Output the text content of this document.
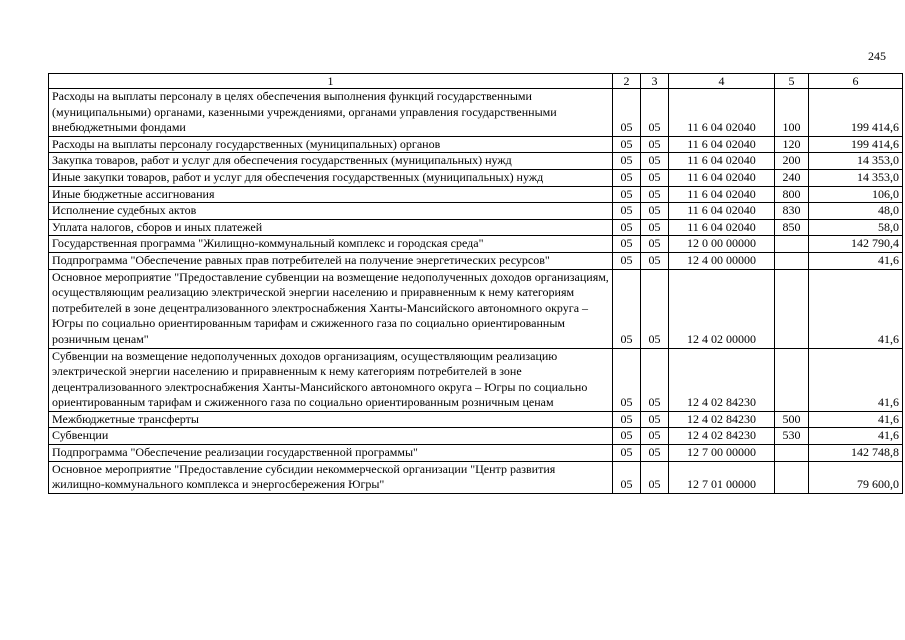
245
1	2	3	4	5	6
Расходы на выплаты персоналу в целях обеспечения выполнения функций государственными (муниципальными) органами, казенными учреждениями, органами управления государственными внебюджетными фондами	05	05	11 6 04 02040	100	199 414,6
Расходы на выплаты персоналу государственных (муниципальных) органов	05	05	11 6 04 02040	120	199 414,6
Закупка товаров, работ и услуг для обеспечения государственных (муниципальных) нужд	05	05	11 6 04 02040	200	14 353,0
Иные закупки товаров, работ и услуг для обеспечения государственных (муниципальных) нужд	05	05	11 6 04 02040	240	14 353,0
Иные бюджетные ассигнования	05	05	11 6 04 02040	800	106,0
Исполнение судебных актов	05	05	11 6 04 02040	830	48,0
Уплата налогов, сборов и иных платежей	05	05	11 6 04 02040	850	58,0
Государственная программа "Жилищно-коммунальный комплекс и городская среда"	05	05	12 0 00 00000		142 790,4
Подпрограмма "Обеспечение равных прав потребителей на получение энергетических ресурсов"	05	05	12 4 00 00000		41,6
Основное мероприятие "Предоставление субвенции на возмещение недополученных доходов организациям, осуществляющим реализацию электрической энергии населению и приравненным к нему категориям потребителей в зоне децентрализованного электроснабжения Ханты-Мансийского автономного округа – Югры по социально ориентированным тарифам и сжиженного газа по социально ориентированным розничным ценам"	05	05	12 4 02 00000		41,6
Субвенции на возмещение недополученных доходов организациям, осуществляющим реализацию электрической энергии населению и приравненным к нему категориям потребителей в зоне децентрализованного электроснабжения Ханты-Мансийского автономного округа – Югры по социально ориентированным тарифам и сжиженного газа по социально ориентированным розничным ценам	05	05	12 4 02 84230		41,6
Межбюджетные трансферты	05	05	12 4 02 84230	500	41,6
Субвенции	05	05	12 4 02 84230	530	41,6
Подпрограмма "Обеспечение реализации государственной программы"	05	05	12 7 00 00000		142 748,8
Основное мероприятие "Предоставление субсидии некоммерческой организации "Центр развития жилищно-коммунального комплекса и энергосбережения Югры"	05	05	12 7 01 00000		79 600,0
